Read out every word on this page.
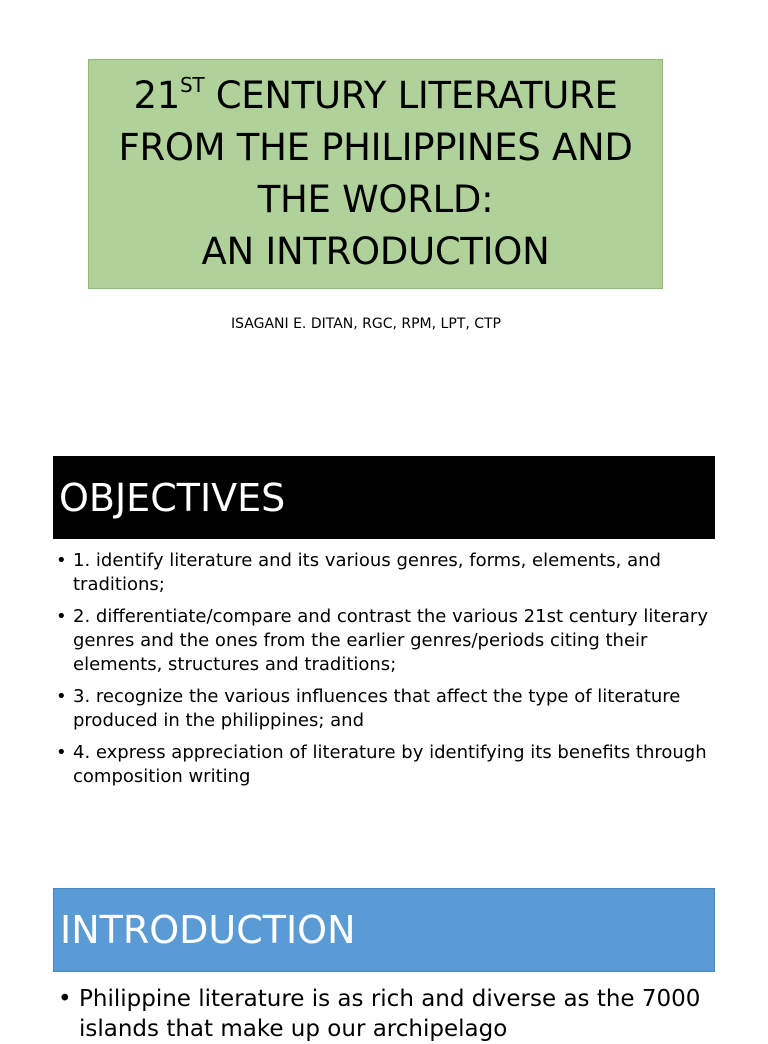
21ST CENTURY LITERATURE
FROM THE PHILIPPINES AND
THE WORLD:
AN INTRODUCTION
ISAGANI E. DITAN, RGC, RPM, LPT, CTP
OBJECTIVES
• 1. identify literature and its various genres, forms, elements, and traditions;
• 2. differentiate/compare and contrast the various 21st century literary genres and the ones from the earlier genres/periods citing their elements, structures and traditions;
• 3. recognize the various influences that affect the type of literature produced in the philippines; and
• 4. express appreciation of literature by identifying its benefits through composition writing
INTRODUCTION
• Philippine literature is as rich and diverse as the 7000 islands that make up our archipelago
